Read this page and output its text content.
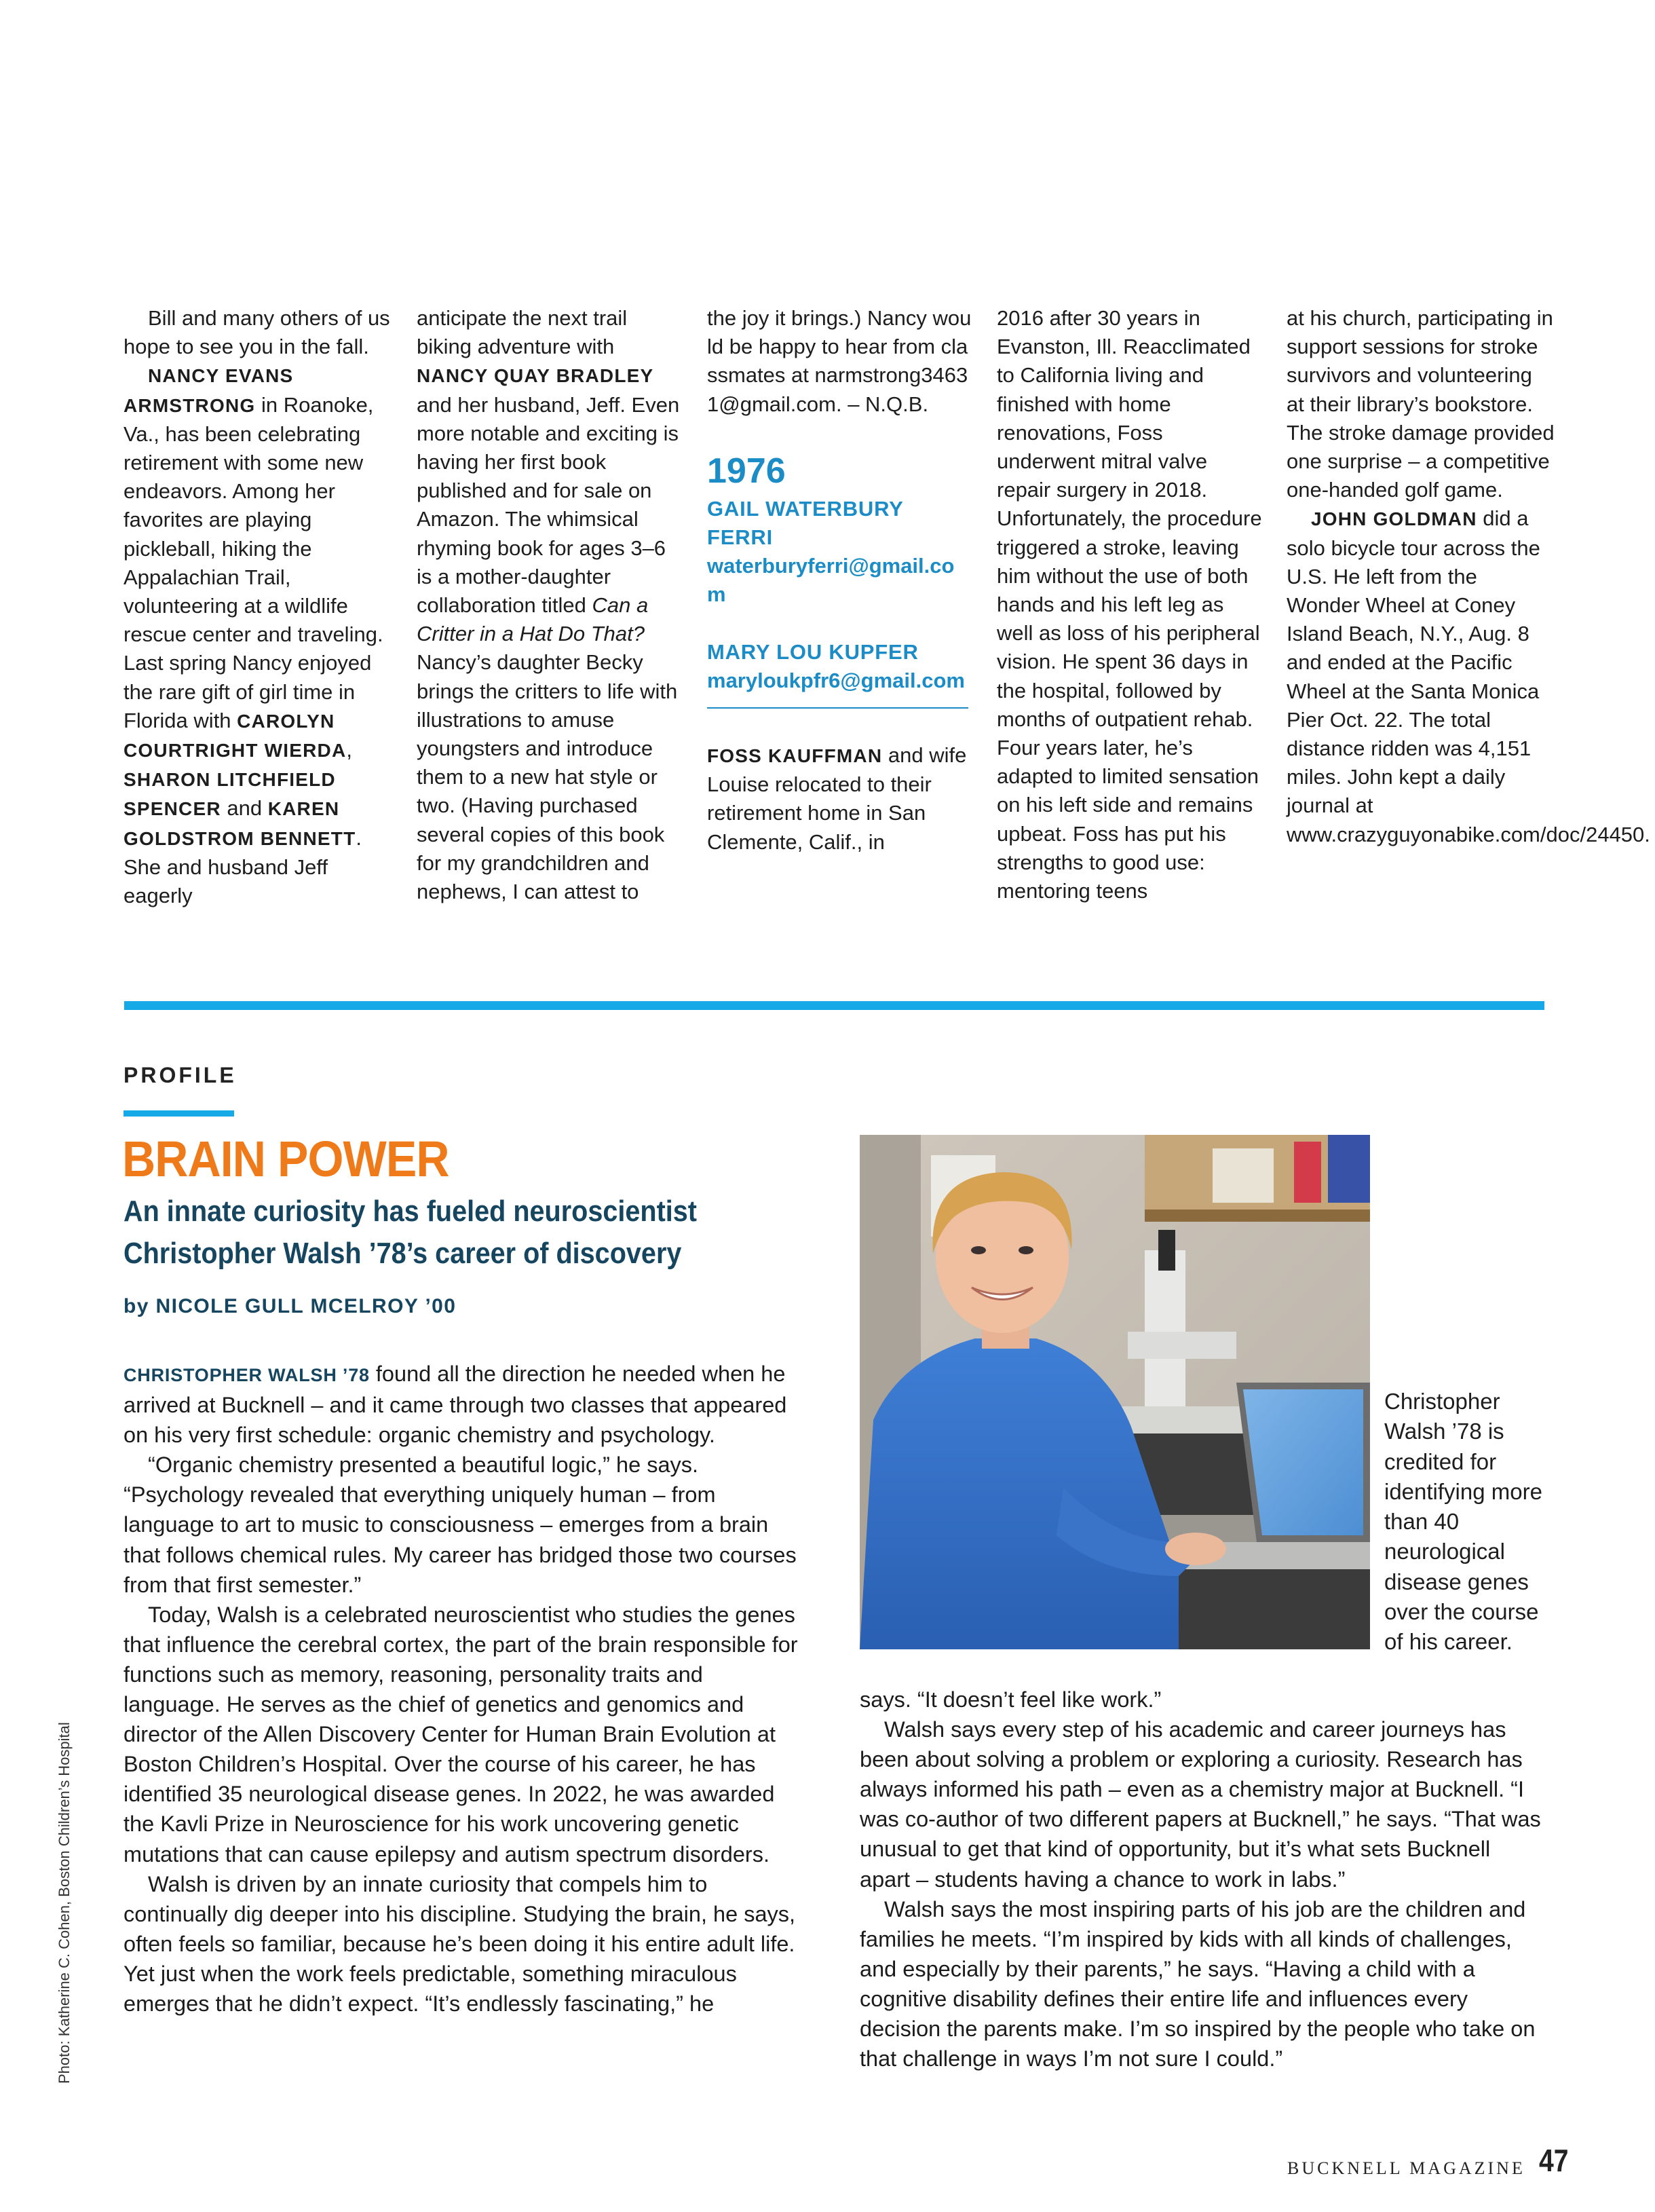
Bill and many others of us hope to see you in the fall.

NANCY EVANS ARMSTRONG in Roanoke, Va., has been celebrating retirement with some new endeavors. Among her favorites are playing pickleball, hiking the Appalachian Trail, volunteering at a wildlife rescue center and traveling. Last spring Nancy enjoyed the rare gift of girl time in Florida with CAROLYN COURTRIGHT WIERDA, SHARON LITCHFIELD SPENCER and KAREN GOLDSTROM BENNETT. She and husband Jeff eagerly

anticipate the next trail biking adventure with NANCY QUAY BRADLEY and her husband, Jeff. Even more notable and exciting is having her first book published and for sale on Amazon. The whimsical rhyming book for ages 3–6 is a mother-daughter collaboration titled Can a Critter in a Hat Do That? Nancy’s daughter Becky brings the critters to life with illustrations to amuse youngsters and introduce them to a new hat style or two. (Having purchased several copies of this book for my grandchildren and nephews, I can attest to

the joy it brings.) Nancy would be happy to hear from classmates at narmstrong34631@gmail.com. – N.Q.B.

1976

GAIL WATERBURY FERRI

waterburyferri@gmail.com

MARY LOU KUPFER

maryloukpfr6@gmail.com

FOSS KAUFFMAN and wife Louise relocated to their retirement home in San Clemente, Calif., in

2016 after 30 years in Evanston, Ill. Reacclimated to California living and finished with home renovations, Foss underwent mitral valve repair surgery in 2018. Unfortunately, the procedure triggered a stroke, leaving him without the use of both hands and his left leg as well as loss of his peripheral vision. He spent 36 days in the hospital, followed by months of outpatient rehab. Four years later, he’s adapted to limited sensation on his left side and remains upbeat. Foss has put his strengths to good use: mentoring teens

at his church, participating in support sessions for stroke survivors and volunteering at their library’s bookstore. The stroke damage provided one surprise – a competitive one-handed golf game.

JOHN GOLDMAN did a solo bicycle tour across the U.S. He left from the Wonder Wheel at Coney Island Beach, N.Y., Aug. 8 and ended at the Pacific Wheel at the Santa Monica Pier Oct. 22. The total distance ridden was 4,151 miles. John kept a daily journal at www.crazyguyonabike.com/doc/24450.

PROFILE
BRAIN POWER
An innate curiosity has fueled neuroscientist Christopher Walsh ’78’s career of discovery
by NICOLE GULL MCELROY ’00

CHRISTOPHER WALSH ’78 found all the direction he needed when he arrived at Bucknell – and it came through two classes that appeared on his very first schedule: organic chemistry and psychology.

“Organic chemistry presented a beautiful logic,” he says. “Psychology revealed that everything uniquely human – from language to art to music to consciousness – emerges from a brain that follows chemical rules. My career has bridged those two courses from that first semester.”

Today, Walsh is a celebrated neuroscientist who studies the genes that influence the cerebral cortex, the part of the brain responsible for functions such as memory, reasoning, personality traits and language. He serves as the chief of genetics and genomics and director of the Allen Discovery Center for Human Brain Evolution at Boston Children’s Hospital. Over the course of his career, he has identified 35 neurological disease genes. In 2022, he was awarded the Kavli Prize in Neuroscience for his work uncovering genetic mutations that can cause epilepsy and autism spectrum disorders.

Walsh is driven by an innate curiosity that compels him to continually dig deeper into his discipline. Studying the brain, he says, often feels so familiar, because he’s been doing it his entire adult life. Yet just when the work feels predictable, something miraculous emerges that he didn’t expect. “It’s endlessly fascinating,” he

Christopher Walsh ’78 is credited for identifying more than 40 neurological disease genes over the course of his career.

says. “It doesn’t feel like work.”

Walsh says every step of his academic and career journeys has been about solving a problem or exploring a curiosity. Research has always informed his path – even as a chemistry major at Bucknell. “I was co-author of two different papers at Bucknell,” he says. “That was unusual to get that kind of opportunity, but it’s what sets Bucknell apart – students having a chance to work in labs.”

Walsh says the most inspiring parts of his job are the children and families he meets. “I’m inspired by kids with all kinds of challenges, and especially by their parents,” he says. “Having a child with a cognitive disability defines their entire life and influences every decision the parents make. I’m so inspired by the people who take on that challenge in ways I’m not sure I could.”

Photo: Katherine C. Cohen, Boston Children’s Hospital
BUCKNELL MAGAZINE 47
